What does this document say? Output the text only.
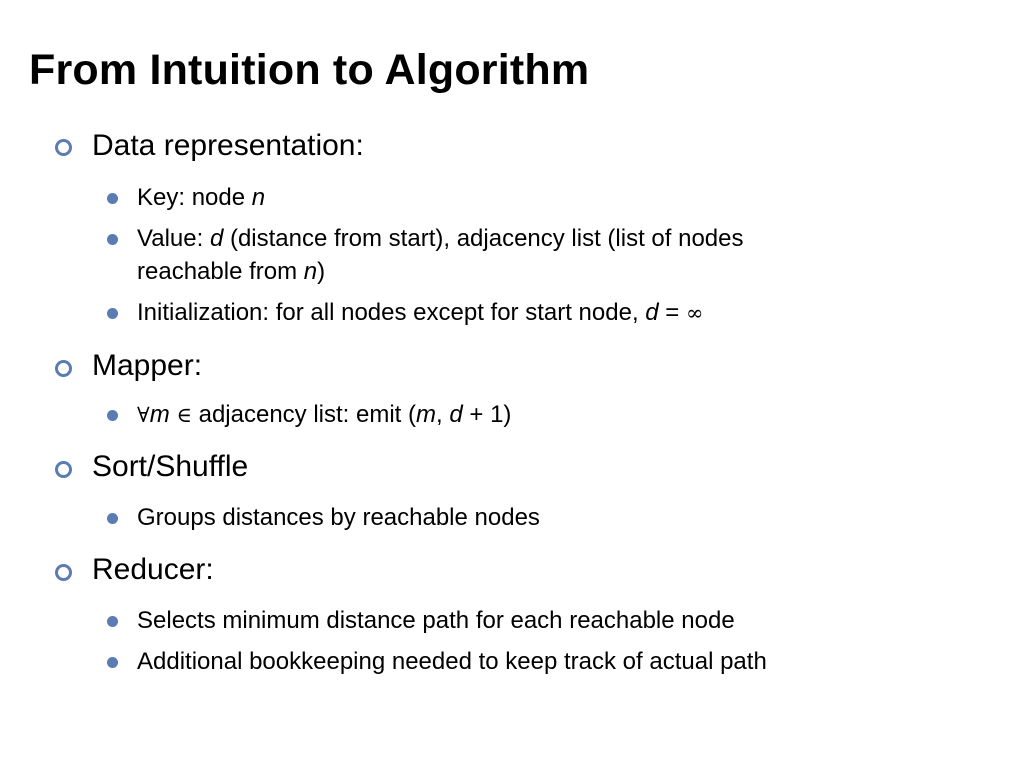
From Intuition to Algorithm
Data representation:
Key: node n
Value: d (distance from start), adjacency list (list of nodes
reachable from n)
Initialization: for all nodes except for start node, d = ∞
Mapper:
∀m ∈ adjacency list: emit (m, d + 1)
Sort/Shuffle
Groups distances by reachable nodes
Reducer:
Selects minimum distance path for each reachable node
Additional bookkeeping needed to keep track of actual path
